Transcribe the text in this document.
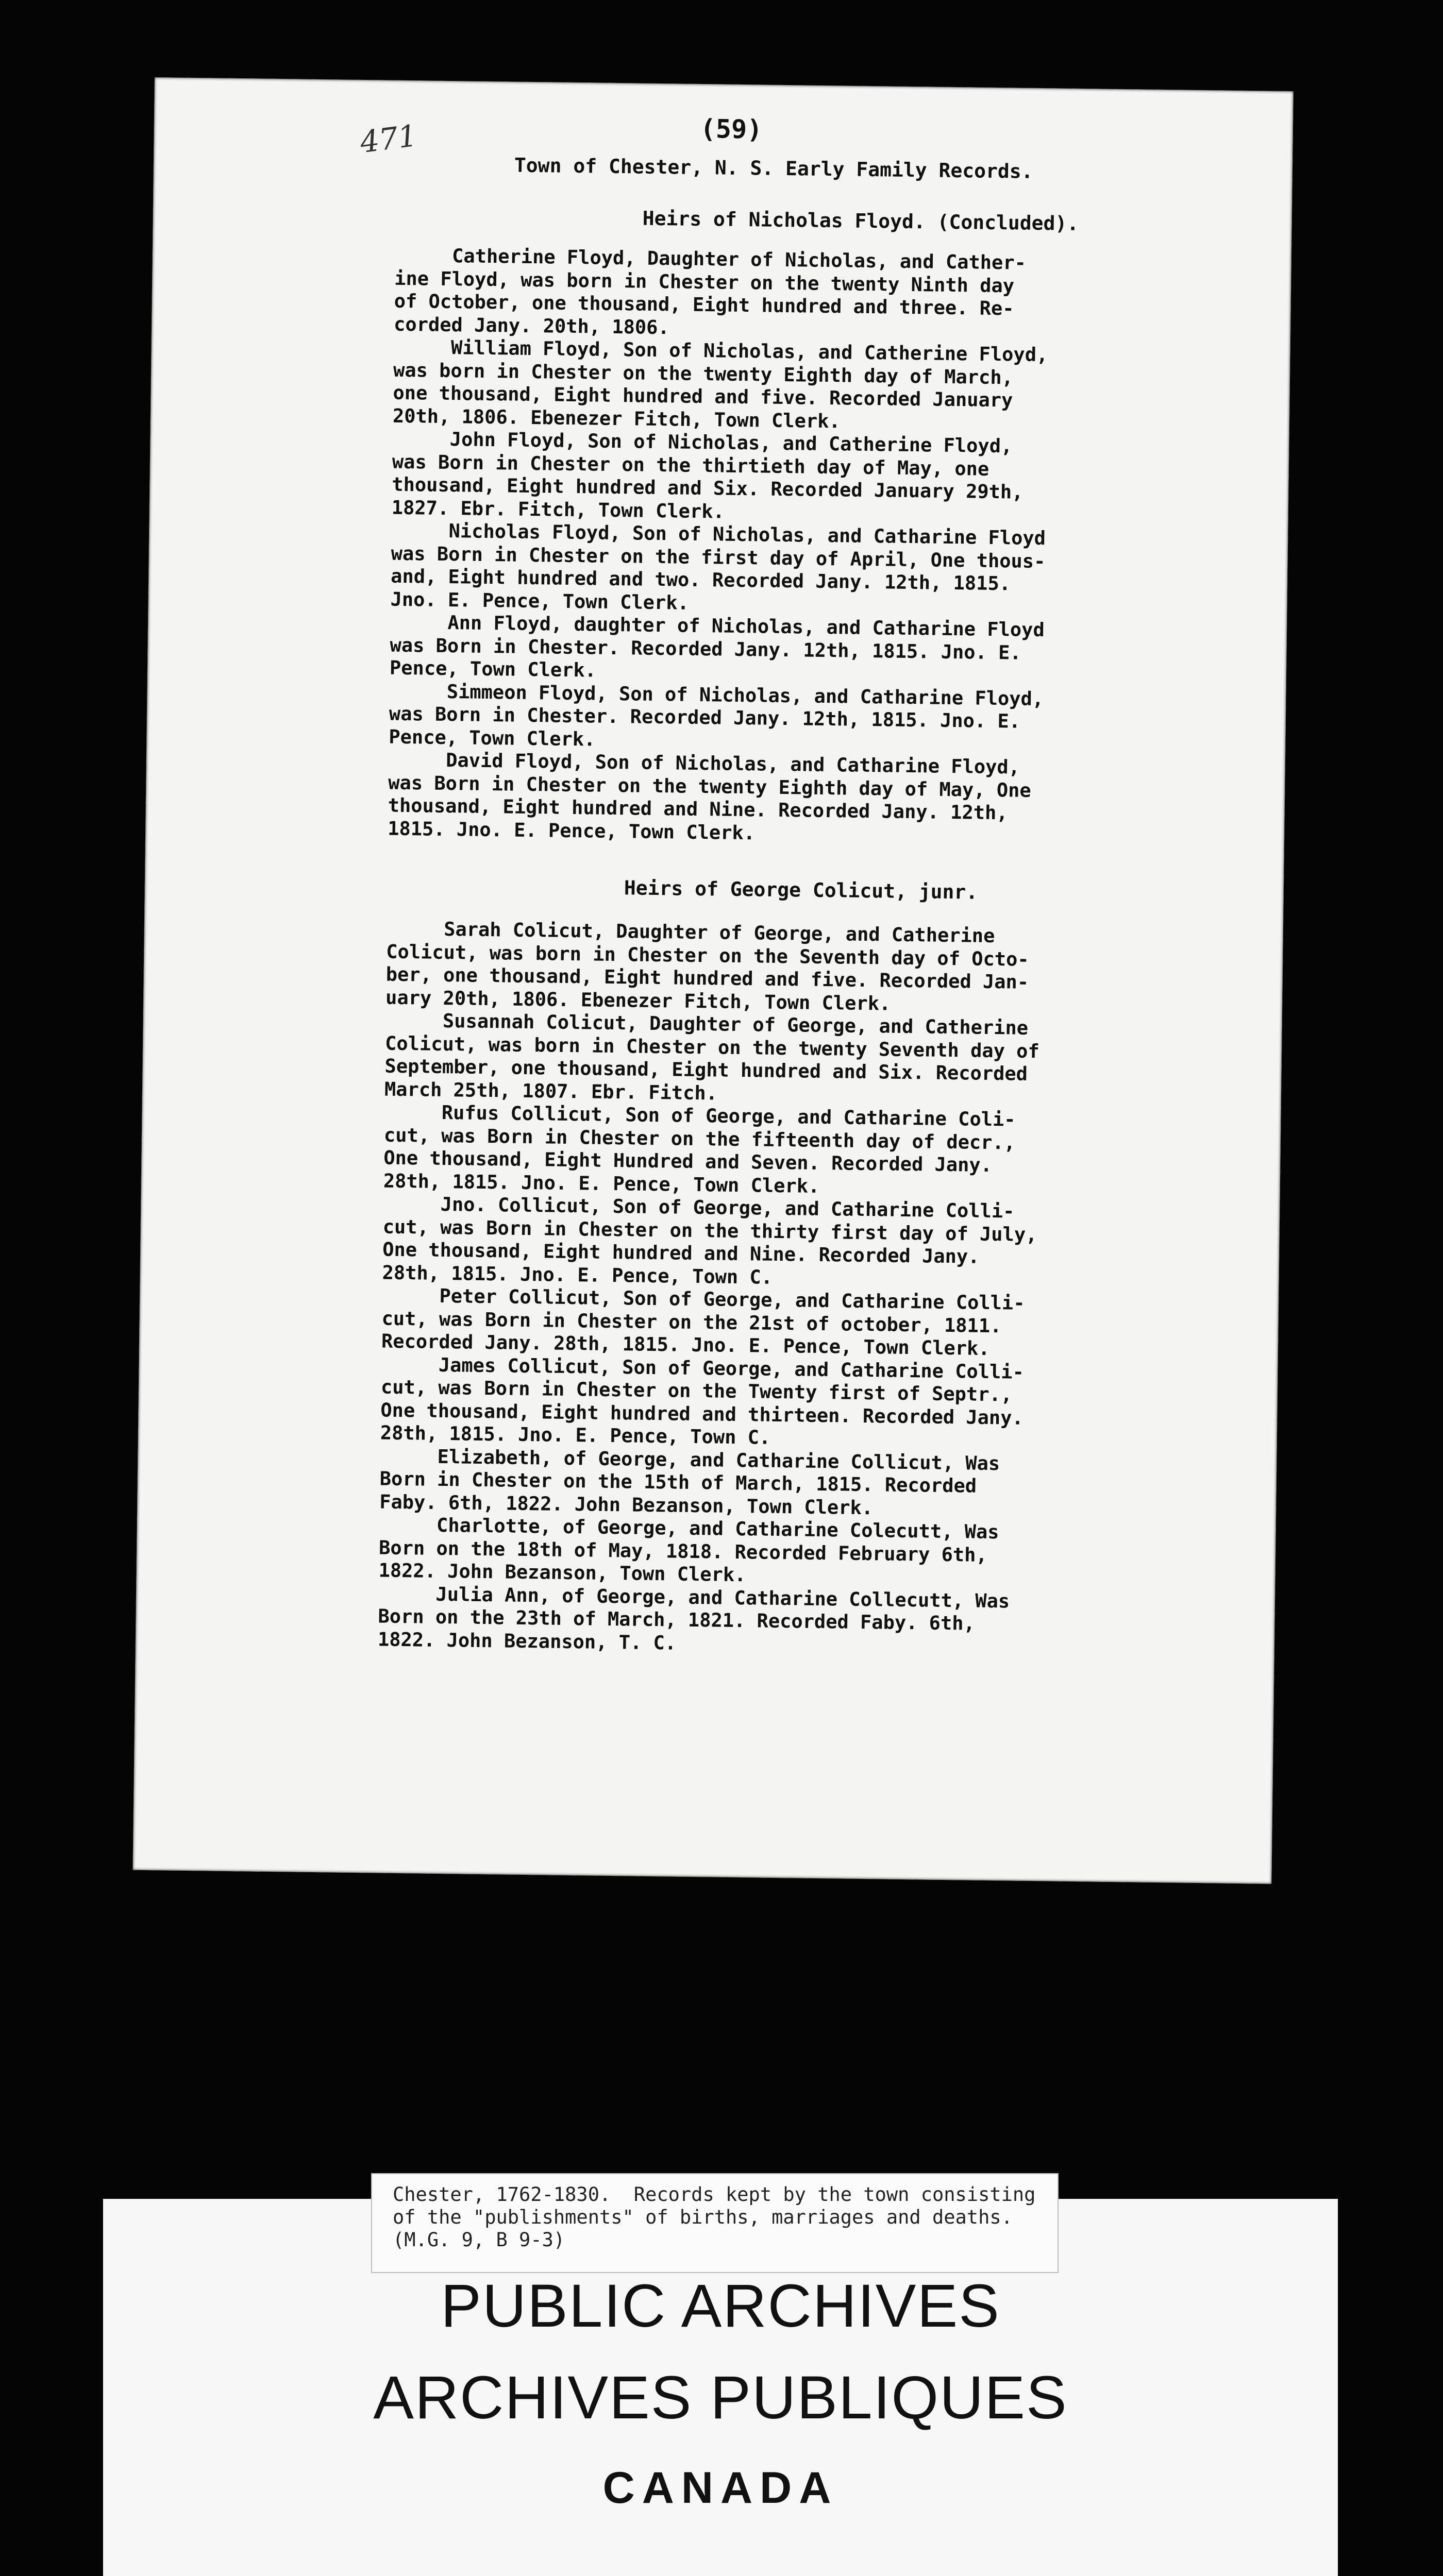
471	(59)
Town of Chester, N. S. Early Family Records.
Heirs of Nicholas Floyd. (Concluded).
Catherine Floyd, Daughter of Nicholas, and Cather-
ine Floyd, was born in Chester on the twenty Ninth day
of October, one thousand, Eight hundred and three. Re-
corded Jany. 20th, 1806.
William Floyd, Son of Nicholas, and Catherine Floyd,
was born in Chester on the twenty Eighth day of March,
one thousand, Eight hundred and five. Recorded January
20th, 1806. Ebenezer Fitch, Town Clerk.
John Floyd, Son of Nicholas, and Catherine Floyd,
was Born in Chester on the thirtieth day of May, one
thousand, Eight hundred and Six. Recorded January 29th,
1827. Ebr. Fitch, Town Clerk.
Nicholas Floyd, Son of Nicholas, and Catharine Floyd
was Born in Chester on the first day of April, One thous-
and, Eight hundred and two. Recorded Jany. 12th, 1815.
Jno. E. Pence, Town Clerk.
Ann Floyd, daughter of Nicholas, and Catharine Floyd
was Born in Chester. Recorded Jany. 12th, 1815. Jno. E.
Pence, Town Clerk.
Simmeon Floyd, Son of Nicholas, and Catharine Floyd,
was Born in Chester. Recorded Jany. 12th, 1815. Jno. E.
Pence, Town Clerk.
David Floyd, Son of Nicholas, and Catharine Floyd,
was Born in Chester on the twenty Eighth day of May, One
thousand, Eight hundred and Nine. Recorded Jany. 12th,
1815. Jno. E. Pence, Town Clerk.
Heirs of George Colicut, junr.
Sarah Colicut, Daughter of George, and Catherine
Colicut, was born in Chester on the Seventh day of Octo-
ber, one thousand, Eight hundred and five. Recorded Jan-
uary 20th, 1806. Ebenezer Fitch, Town Clerk.
Susannah Colicut, Daughter of George, and Catherine
Colicut, was born in Chester on the twenty Seventh day of
September, one thousand, Eight hundred and Six. Recorded
March 25th, 1807. Ebr. Fitch.
Rufus Collicut, Son of George, and Catharine Coli-
cut, was Born in Chester on the fifteenth day of decr.,
One thousand, Eight Hundred and Seven. Recorded Jany.
28th, 1815. Jno. E. Pence, Town Clerk.
Jno. Collicut, Son of George, and Catharine Colli-
cut, was Born in Chester on the thirty first day of July,
One thousand, Eight hundred and Nine. Recorded Jany.
28th, 1815. Jno. E. Pence, Town C.
Peter Collicut, Son of George, and Catharine Colli-
cut, was Born in Chester on the 21st of october, 1811.
Recorded Jany. 28th, 1815. Jno. E. Pence, Town Clerk.
James Collicut, Son of George, and Catharine Colli-
cut, was Born in Chester on the Twenty first of Septr.,
One thousand, Eight hundred and thirteen. Recorded Jany.
28th, 1815. Jno. E. Pence, Town C.
Elizabeth, of George, and Catharine Collicut, Was
Born in Chester on the 15th of March, 1815. Recorded
Faby. 6th, 1822. John Bezanson, Town Clerk.
Charlotte, of George, and Catharine Colecutt, Was
Born on the 18th of May, 1818. Recorded February 6th,
1822. John Bezanson, Town Clerk.
Julia Ann, of George, and Catharine Collecutt, Was
Born on the 23th of March, 1821. Recorded Faby. 6th,
1822. John Bezanson, T. C.
Chester, 1762-1830.  Records kept by the town consisting
of the "publishments" of births, marriages and deaths.
(M.G. 9, B 9-3)
PUBLIC ARCHIVES
ARCHIVES PUBLIQUES
CANADA
